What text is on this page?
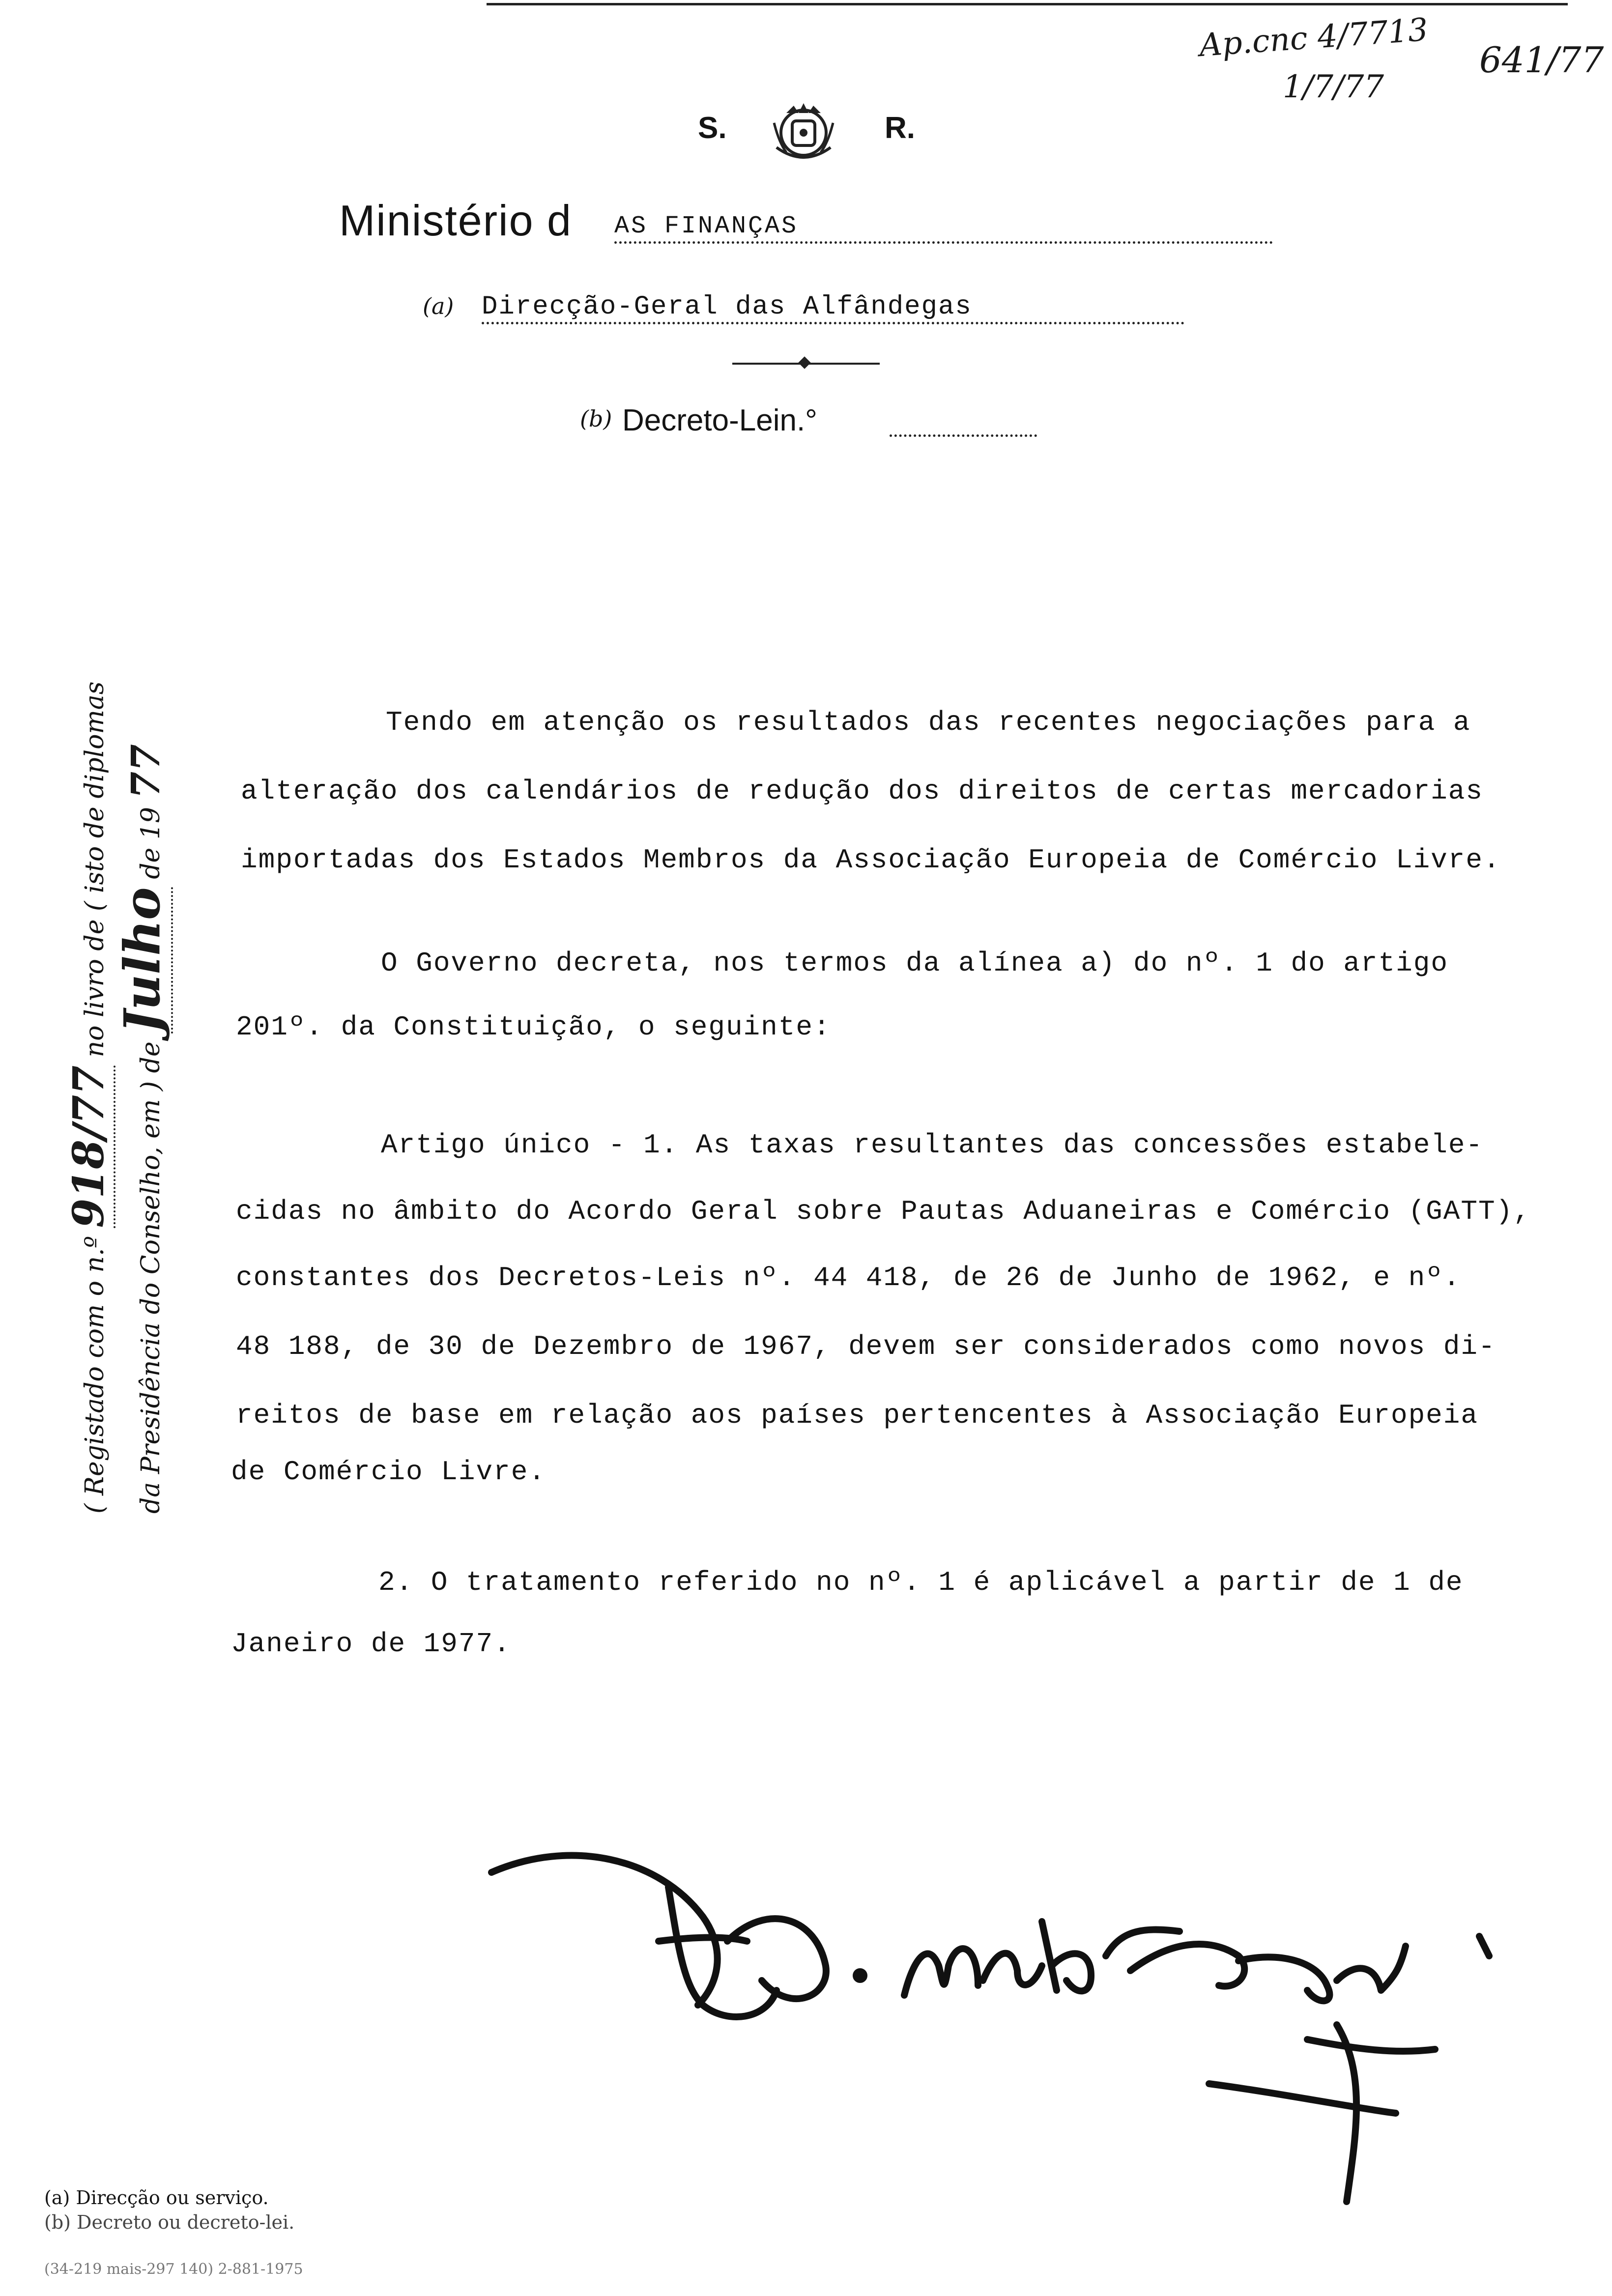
Ap.cnc 4/7713
1/7/77
641/77
S.	R.
Ministério d AS FINANÇAS
(a) Direcção-Geral das Alfândegas
(b) Decreto-Lein.°
( Registado com o n.º 918/77 no livro de ( isto de diplomas
da Presidência do Conselho, em ) de Julho de 19 77
Tendo em atenção os resultados das recentes negociações para a
alteração dos calendários de redução dos direitos de certas mercadorias
importadas dos Estados Membros da Associação Europeia de Comércio Livre.
O Governo decreta, nos termos da alínea a) do nº. 1 do artigo
201º. da Constituição, o seguinte:
Artigo único - 1. As taxas resultantes das concessões estabele-
cidas no âmbito do Acordo Geral sobre Pautas Aduaneiras e Comércio (GATT),
constantes dos Decretos-Leis nº. 44 418, de 26 de Junho de 1962, e nº.
48 188, de 30 de Dezembro de 1967, devem ser considerados como novos di-
reitos de base em relação aos países pertencentes à Associação Europeia
de Comércio Livre.
2. O tratamento referido no nº. 1 é aplicável a partir de 1 de
Janeiro de 1977.
(a) Direcção ou serviço.
(b) Decreto ou decreto-lei.
(34-219 mais-297 140) 2-881-1975
